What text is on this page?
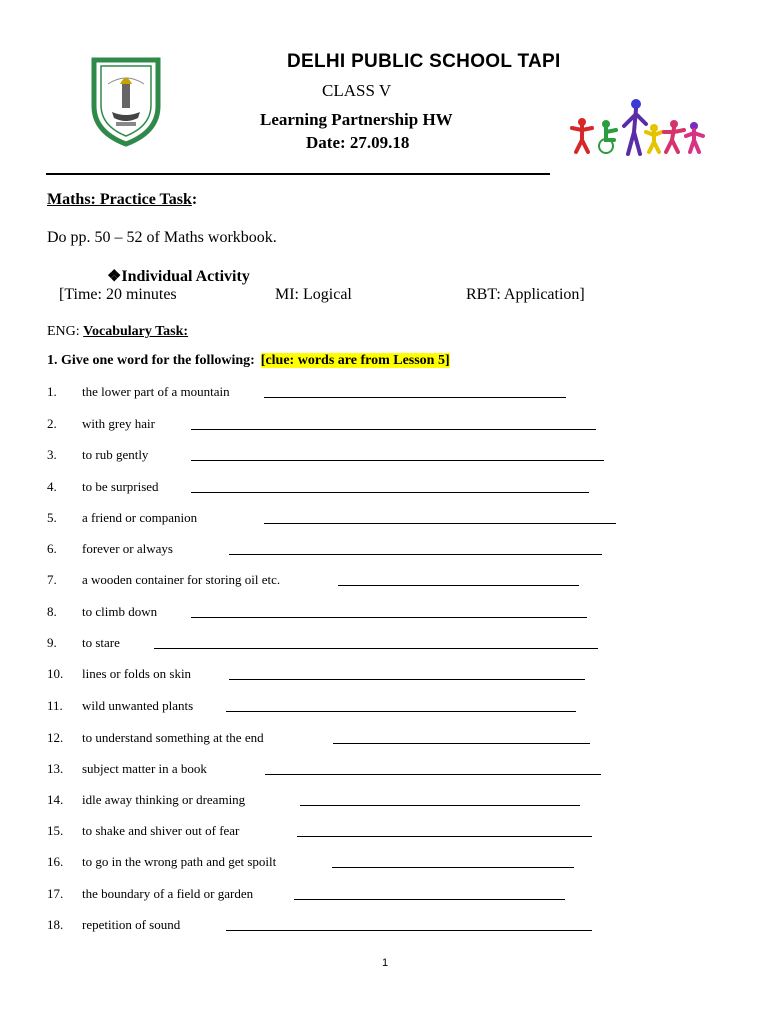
DELHI PUBLIC SCHOOL TAPI
CLASS V
Learning Partnership HW
Date: 27.09.18
Maths: Practice Task:
Do pp. 50 – 52 of Maths workbook.
❖Individual Activity
[Time: 20 minutes	MI: Logical	RBT: Application]
ENG: Vocabulary Task:
1. Give one word for the following: [clue: words are from Lesson 5]
1. the lower part of a mountain
2. with grey hair
3. to rub gently
4. to be surprised
5. a friend or companion
6. forever or always
7. a wooden container for storing oil etc.
8. to climb down
9. to stare
10. lines or folds on skin
11. wild unwanted plants
12. to understand something at the end
13. subject matter in a book
14. idle away thinking or dreaming
15. to shake and shiver out of fear
16. to go in the wrong path and get spoilt
17. the boundary of a field or garden
18. repetition of sound
1
